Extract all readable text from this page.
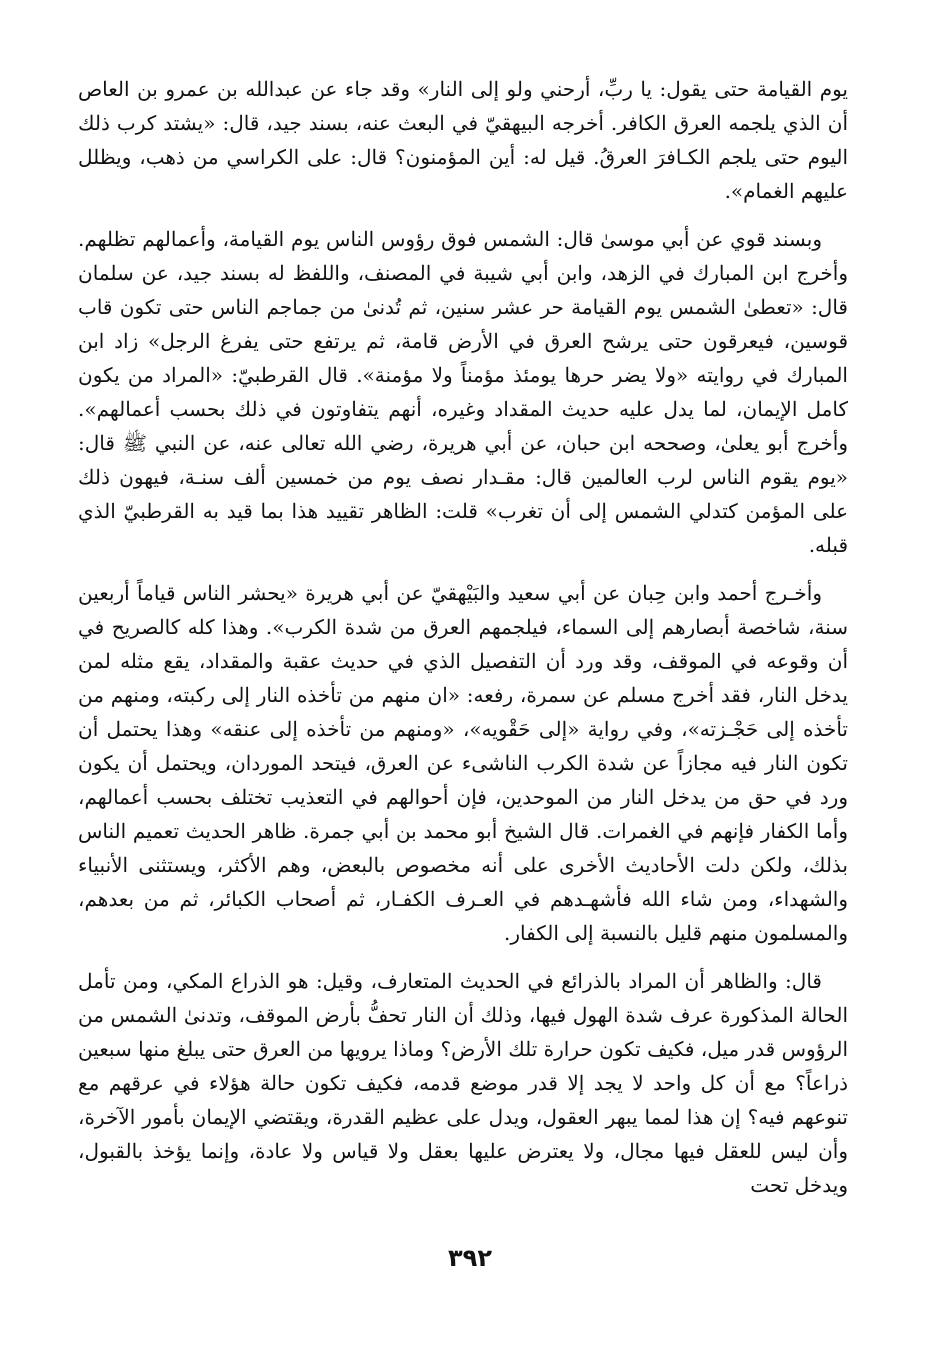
يوم القيامة حتى يقول: يا ربِّ، أرحني ولو إلى النار» وقد جاء عن عبدالله بن عمرو بن العاص أن الذي يلجمه العرق الكافر. أخرجه البيهقيّ في البعث عنه، بسند جيد، قال: «يشتد كرب ذلك اليوم حتى يلجم الكـافرَ العرقُ. قيل له: أين المؤمنون؟ قال: على الكراسي من ذهب، ويظلل عليهم الغمام».

وبسند قوي عن أبي موسىٰ قال: الشمس فوق رؤوس الناس يوم القيامة، وأعمالهم تظلهم. وأخرج ابن المبارك في الزهد، وابن أبي شيبة في المصنف، واللفظ له بسند جيد، عن سلمان قال: «تعطىٰ الشمس يوم القيامة حر عشر سنين، ثم تُدنىٰ من جماجم الناس حتى تكون قاب قوسين، فيعرقون حتى يرشح العرق في الأرض قامة، ثم يرتفع حتى يفرغ الرجل» زاد ابن المبارك في روايته «ولا يضر حرها يومئذ مؤمناً ولا مؤمنة». قال القرطبيّ: «المراد من يكون كامل الإيمان، لما يدل عليه حديث المقداد وغيره، أنهم يتفاوتون في ذلك بحسب أعمالهم». وأخرج أبو يعلىٰ، وصححه ابن حبان، عن أبي هريرة، رضي الله تعالى عنه، عن النبي ﷺ قال: «يوم يقوم الناس لرب العالمين قال: مقـدار نصف يوم من خمسين ألف سنـة، فيهون ذلك على المؤمن كتدلي الشمس إلى أن تغرب» قلت: الظاهر تقييد هذا بما قيد به القرطبيّ الذي قبله.

وأخـرج أحمد وابن حِبان عن أبي سعيد والبَيْهقيّ عن أبي هريرة «يحشر الناس قياماً أربعين سنة، شاخصة أبصارهم إلى السماء، فيلجمهم العرق من شدة الكرب». وهذا كله كالصريح في أن وقوعه في الموقف، وقد ورد أن التفصيل الذي في حديث عقبة والمقداد، يقع مثله لمن يدخل النار، فقد أخرج مسلم عن سمرة، رفعه: «ان منهم من تأخذه النار إلى ركبته، ومنهم من تأخذه إلى حَجْـزته»، وفي رواية «إلى حَقْويه»، «ومنهم من تأخذه إلى عنقه» وهذا يحتمل أن تكون النار فيه مجازاً عن شدة الكرب الناشىء عن العرق، فيتحد الموردان، ويحتمل أن يكون ورد في حق من يدخل النار من الموحدين، فإن أحوالهم في التعذيب تختلف بحسب أعمالهم، وأما الكفار فإنهم في الغمرات. قال الشيخ أبو محمد بن أبي جمرة. ظاهر الحديث تعميم الناس بذلك، ولكن دلت الأحاديث الأخرى على أنه مخصوص بالبعض، وهم الأكثر، ويستثنى الأنبياء والشهداء، ومن شاء الله فأشهـدهم في العـرف الكفـار، ثم أصحاب الكبائر، ثم من بعدهم، والمسلمون منهم قليل بالنسبة إلى الكفار.

قال: والظاهر أن المراد بالذرائع في الحديث المتعارف، وقيل: هو الذراع المكي، ومن تأمل الحالة المذكورة عرف شدة الهول فيها، وذلك أن النار تحفُّ بأرض الموقف، وتدنىٰ الشمس من الرؤوس قدر ميل، فكيف تكون حرارة تلك الأرض؟ وماذا يرويها من العرق حتى يبلغ منها سبعين ذراعاً؟ مع أن كل واحد لا يجد إلا قدر موضع قدمه، فكيف تكون حالة هؤلاء في عرقهم مع تنوعهم فيه؟ إن هذا لمما يبهر العقول، ويدل على عظيم القدرة، ويقتضي الإيمان بأمور الآخرة، وأن ليس للعقل فيها مجال، ولا يعترض عليها بعقل ولا قياس ولا عادة، وإنما يؤخذ بالقبول، ويدخل تحت

٣٩٢
